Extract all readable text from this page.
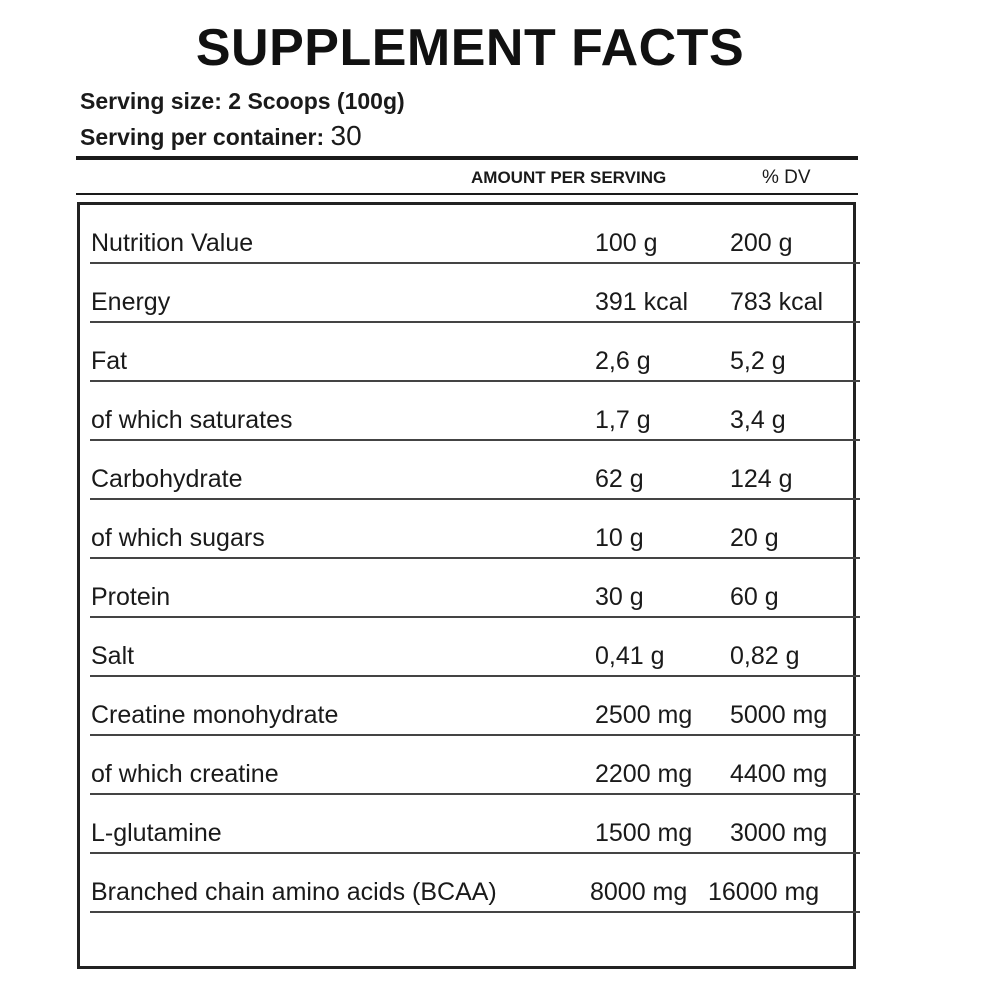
SUPPLEMENT FACTS
Serving size: 2 Scoops (100g)
Serving per container: 30
AMOUNT PER SERVING	% DV
Nutrition Value	100 g	200 g
Energy	391 kcal 783 kcal
Fat	2,6 g	5,2 g
of which saturates	1,7 g	3,4 g
Carbohydrate	62 g	124 g
of which sugars	10 g	20 g
Protein	30 g	60 g
Salt	0,41 g	0,82 g
Creatine monohydrate	2500 mg 5000 mg
of which creatine	2200 mg 4400 mg
L-glutamine	1500 mg 3000 mg
Branched chain amino acids (BCAA)	8000 mg 16000 mg
